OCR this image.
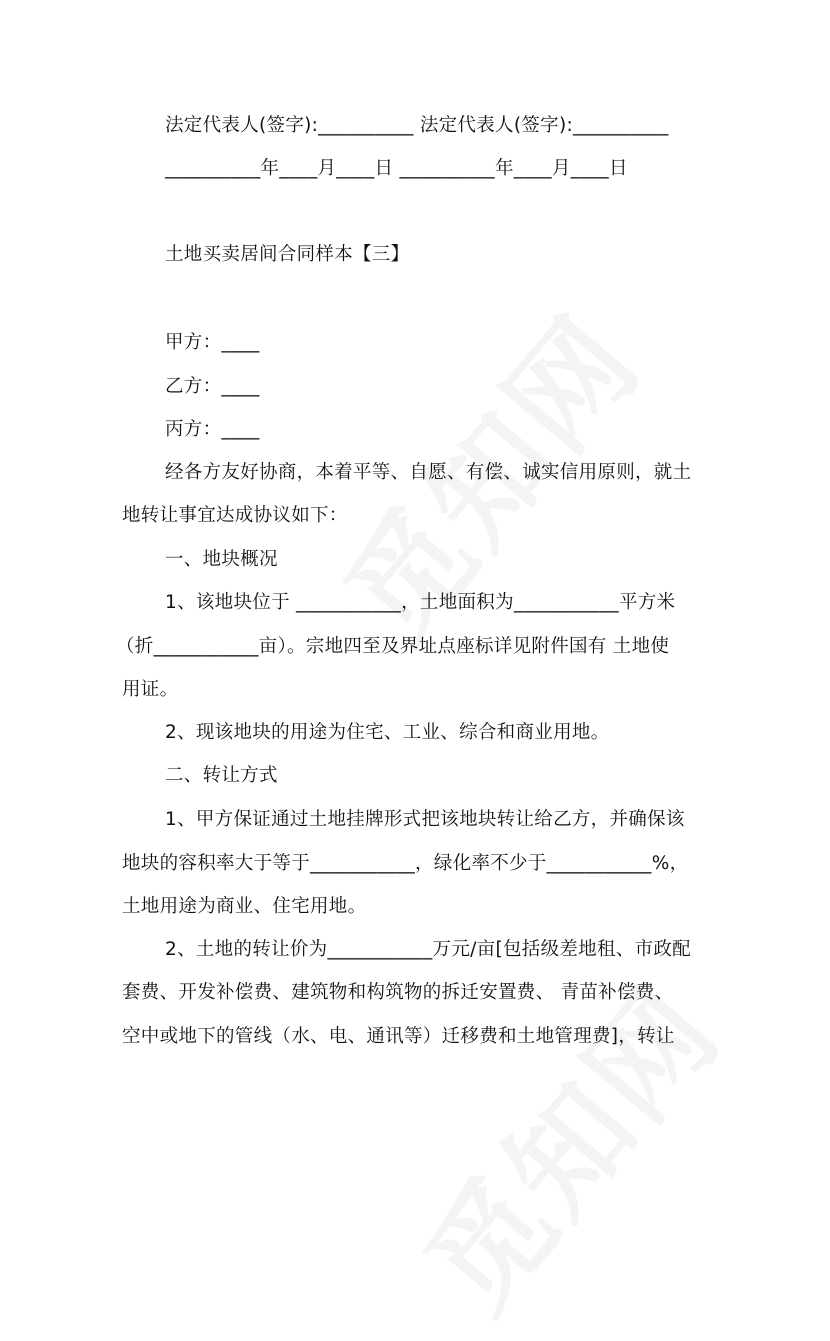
法定代表人(签字):__________ 法定代表人(签字):__________
__________年____月____日 __________年____月____日
土地买卖居间合同样本【三】
甲方：____
乙方：____
丙方：____
经各方友好协商，本着平等、自愿、有偿、诚实信用原则，就土
地转让事宜达成协议如下：
一、地块概况
1、该地块位于 ___________，土地面积为___________平方米
（折___________亩）。宗地四至及界址点座标详见附件国有 土地使
用证。
2、现该地块的用途为住宅、工业、综合和商业用地。
二、转让方式
1、甲方保证通过土地挂牌形式把该地块转让给乙方，并确保该
地块的容积率大于等于___________，绿化率不少于___________%，
土地用途为商业、住宅用地。
2、土地的转让价为___________万元/亩[包括级差地租、市政配
套费、开发补偿费、建筑物和构筑物的拆迁安置费、 青苗补偿费、
空中或地下的管线（水、电、通讯等）迁移费和土地管理费]，转让
